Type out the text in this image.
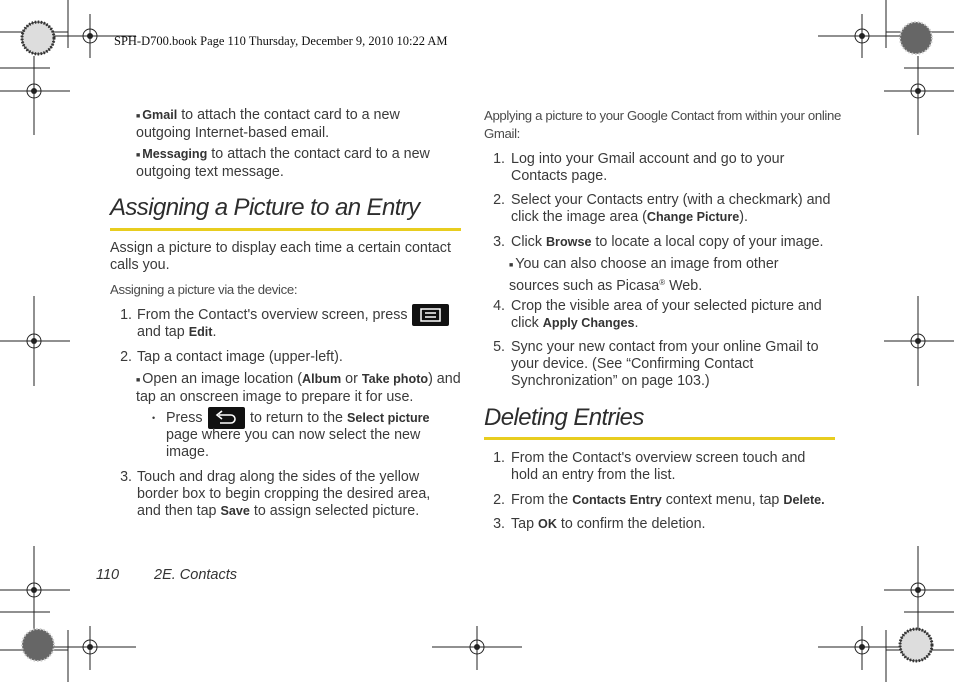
SPH-D700.book Page 110 Thursday, December 9, 2010 10:22 AM
■ Gmail to attach the contact card to a new outgoing Internet-based email.
■ Messaging to attach the contact card to a new outgoing text message.
Assigning a Picture to an Entry
Assign a picture to display each time a certain contact calls you.
Assigning a picture via the device:
1. From the Contact's overview screen, press
and tap Edit.
2. Tap a contact image (upper-left).
■ Open an image location (Album or Take photo) and tap an onscreen image to prepare it for use.
• Press	to return to the Select picture
page where you can now select the new image.
3. Touch and drag along the sides of the yellow border box to begin cropping the desired area, and then tap Save to assign selected picture.
Applying a picture to your Google Contact from within your online Gmail:
1. Log into your Gmail account and go to your Contacts page.
2. Select your Contacts entry (with a checkmark) and click the image area (Change Picture).
3. Click Browse to locate a local copy of your image.
■ You can also choose an image from other sources such as Picasa® Web.
4. Crop the visible area of your selected picture and click Apply Changes.
5. Sync your new contact from your online Gmail to your device. (See “Confirming Contact Synchronization” on page 103.)
Deleting Entries
1. From the Contact's overview screen touch and hold an entry from the list.
2. From the Contacts Entry context menu, tap Delete.
3. Tap OK to confirm the deletion.
110 2E. Contacts
